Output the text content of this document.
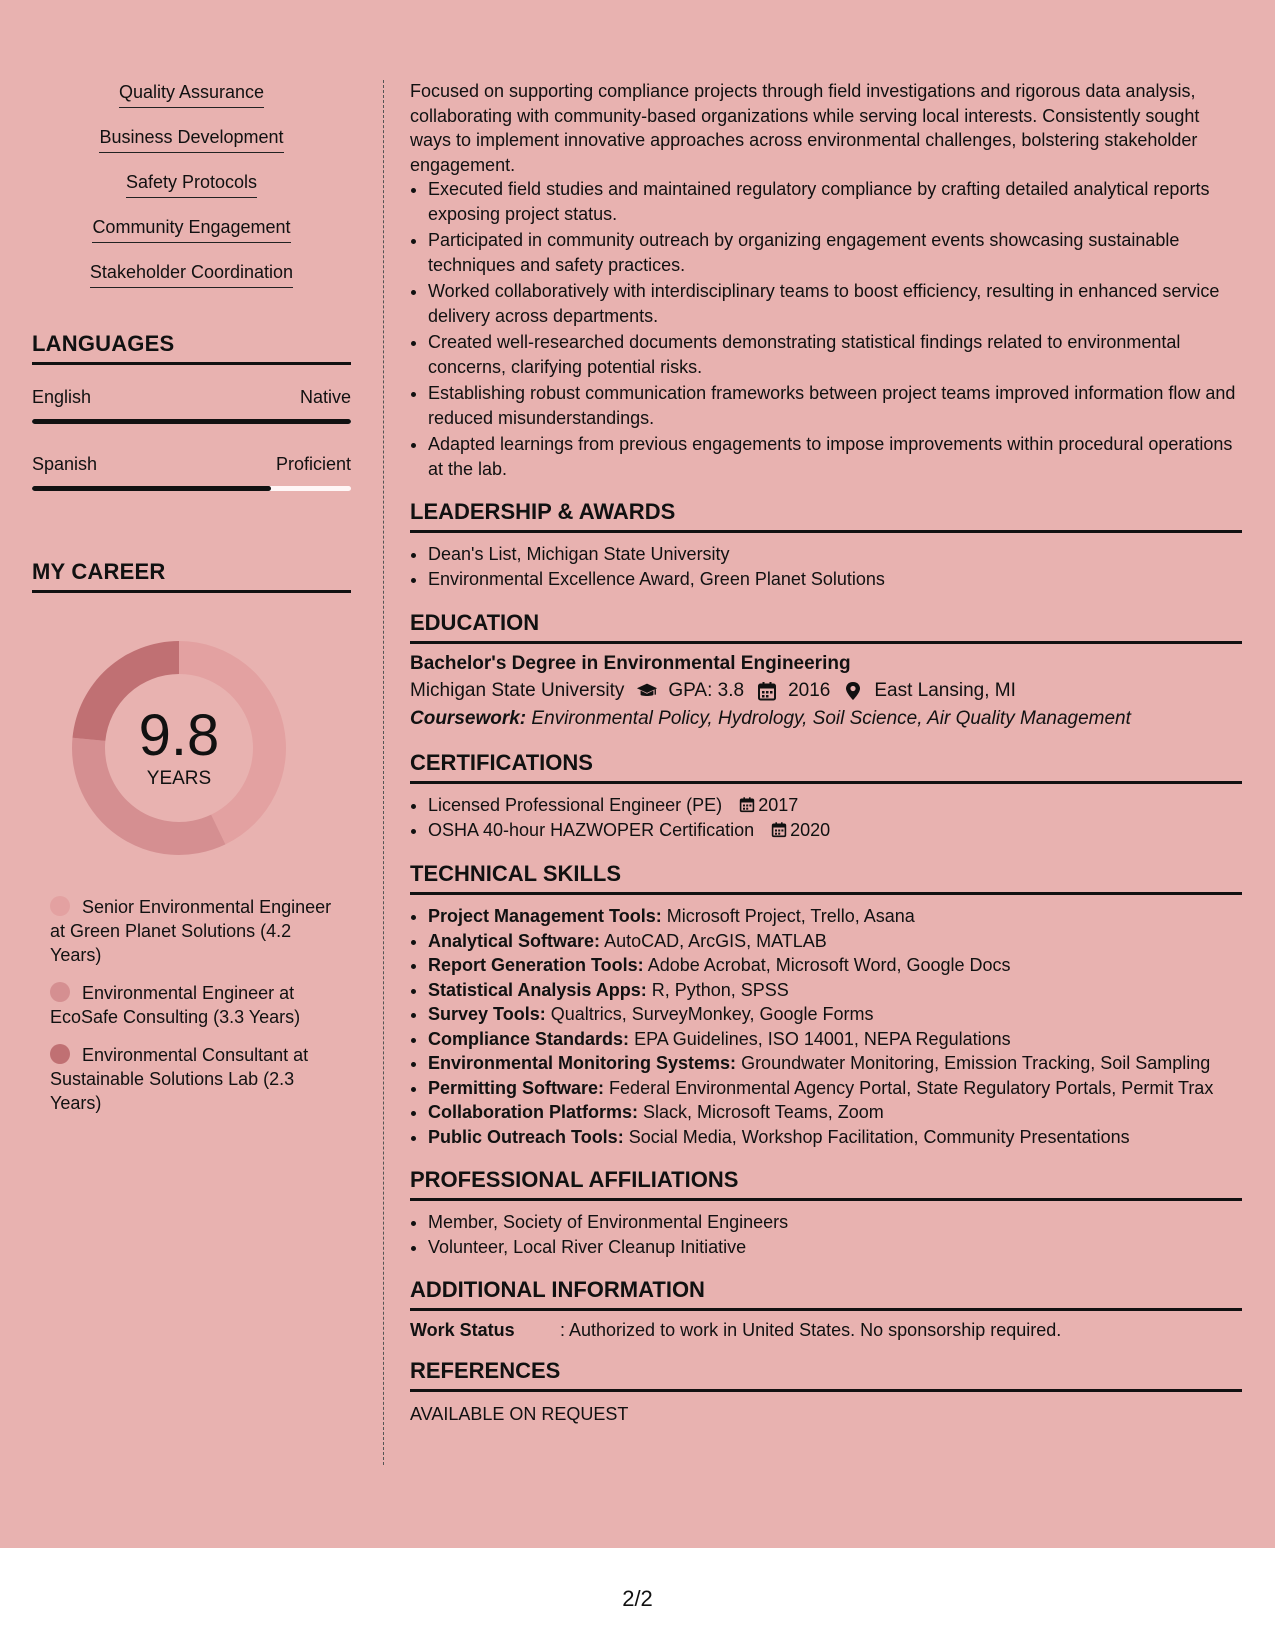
Quality Assurance
Business Development
Safety Protocols
Community Engagement
Stakeholder Coordination
LANGUAGES
English	Native
Spanish	Proficient
MY CAREER
9.8
YEARS
Senior Environmental Engineer at Green Planet Solutions (4.2 Years)
Environmental Engineer at EcoSafe Consulting (3.3 Years)
Environmental Consultant at Sustainable Solutions Lab (2.3 Years)

Focused on supporting compliance projects through field investigations and rigorous data analysis, collaborating with community-based organizations while serving local interests. Consistently sought ways to implement innovative approaches across environmental challenges, bolstering stakeholder engagement.

• Executed field studies and maintained regulatory compliance by crafting detailed analytical reports exposing project status.
• Participated in community outreach by organizing engagement events showcasing sustainable techniques and safety practices.
• Worked collaboratively with interdisciplinary teams to boost efficiency, resulting in enhanced service delivery across departments.
• Created well-researched documents demonstrating statistical findings related to environmental concerns, clarifying potential risks.
• Establishing robust communication frameworks between project teams improved information flow and reduced misunderstandings.
• Adapted learnings from previous engagements to impose improvements within procedural operations at the lab.
LEADERSHIP & AWARDS
• Dean's List, Michigan State University
• Environmental Excellence Award, Green Planet Solutions
EDUCATION
Bachelor's Degree in Environmental Engineering
Michigan State University GPA: 3.8 2016 East Lansing, MI
Coursework: Environmental Policy, Hydrology, Soil Science, Air Quality Management
CERTIFICATIONS
• Licensed Professional Engineer (PE) 2017
• OSHA 40-hour HAZWOPER Certification 2020
TECHNICAL SKILLS
• Project Management Tools: Microsoft Project, Trello, Asana
• Analytical Software: AutoCAD, ArcGIS, MATLAB
• Report Generation Tools: Adobe Acrobat, Microsoft Word, Google Docs
• Statistical Analysis Apps: R, Python, SPSS
• Survey Tools: Qualtrics, SurveyMonkey, Google Forms
• Compliance Standards: EPA Guidelines, ISO 14001, NEPA Regulations
• Environmental Monitoring Systems: Groundwater Monitoring, Emission Tracking, Soil Sampling
• Permitting Software: Federal Environmental Agency Portal, State Regulatory Portals, Permit Trax
• Collaboration Platforms: Slack, Microsoft Teams, Zoom
• Public Outreach Tools: Social Media, Workshop Facilitation, Community Presentations
PROFESSIONAL AFFILIATIONS
• Member, Society of Environmental Engineers
• Volunteer, Local River Cleanup Initiative
ADDITIONAL INFORMATION
Work Status	: Authorized to work in United States. No sponsorship required.
REFERENCES
AVAILABLE ON REQUEST
2/2
